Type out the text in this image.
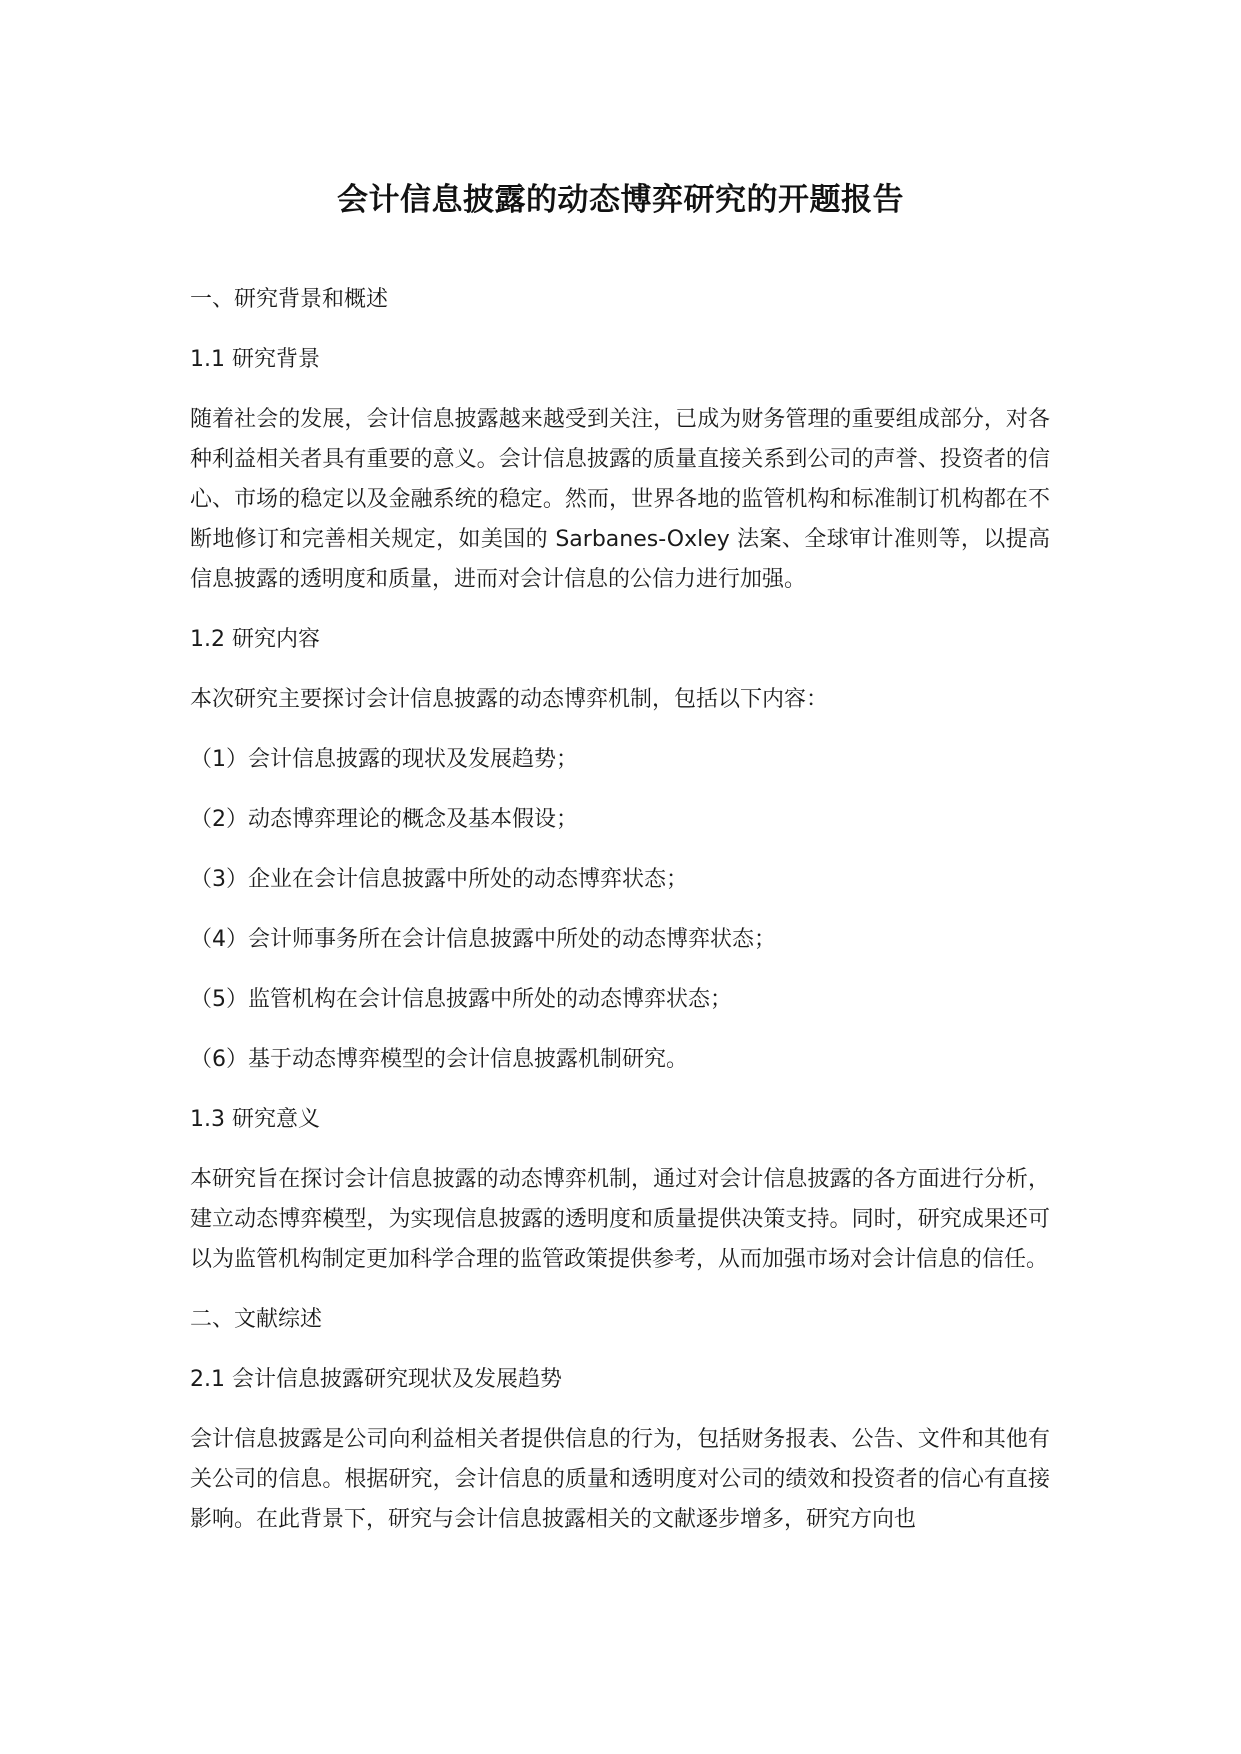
会计信息披露的动态博弈研究的开题报告
一、研究背景和概述
1.1 研究背景
随着社会的发展，会计信息披露越来越受到关注，已成为财务管理的重要组成部分，对各种利益相关者具有重要的意义。会计信息披露的质量直接关系到公司的声誉、投资者的信心、市场的稳定以及金融系统的稳定。然而，世界各地的监管机构和标准制订机构都在不断地修订和完善相关规定，如美国的 Sarbanes-Oxley 法案、全球审计准则等，以提高信息披露的透明度和质量，进而对会计信息的公信力进行加强。
1.2 研究内容
本次研究主要探讨会计信息披露的动态博弈机制，包括以下内容：
（1）会计信息披露的现状及发展趋势；
（2）动态博弈理论的概念及基本假设；
（3）企业在会计信息披露中所处的动态博弈状态；
（4）会计师事务所在会计信息披露中所处的动态博弈状态；
（5）监管机构在会计信息披露中所处的动态博弈状态；
（6）基于动态博弈模型的会计信息披露机制研究。
1.3 研究意义
本研究旨在探讨会计信息披露的动态博弈机制，通过对会计信息披露的各方面进行分析，建立动态博弈模型，为实现信息披露的透明度和质量提供决策支持。同时，研究成果还可以为监管机构制定更加科学合理的监管政策提供参考，从而加强市场对会计信息的信任。
二、文献综述
2.1 会计信息披露研究现状及发展趋势
会计信息披露是公司向利益相关者提供信息的行为，包括财务报表、公告、文件和其他有关公司的信息。根据研究，会计信息的质量和透明度对公司的绩效和投资者的信心有直接影响。在此背景下，研究与会计信息披露相关的文献逐步增多，研究方向也
